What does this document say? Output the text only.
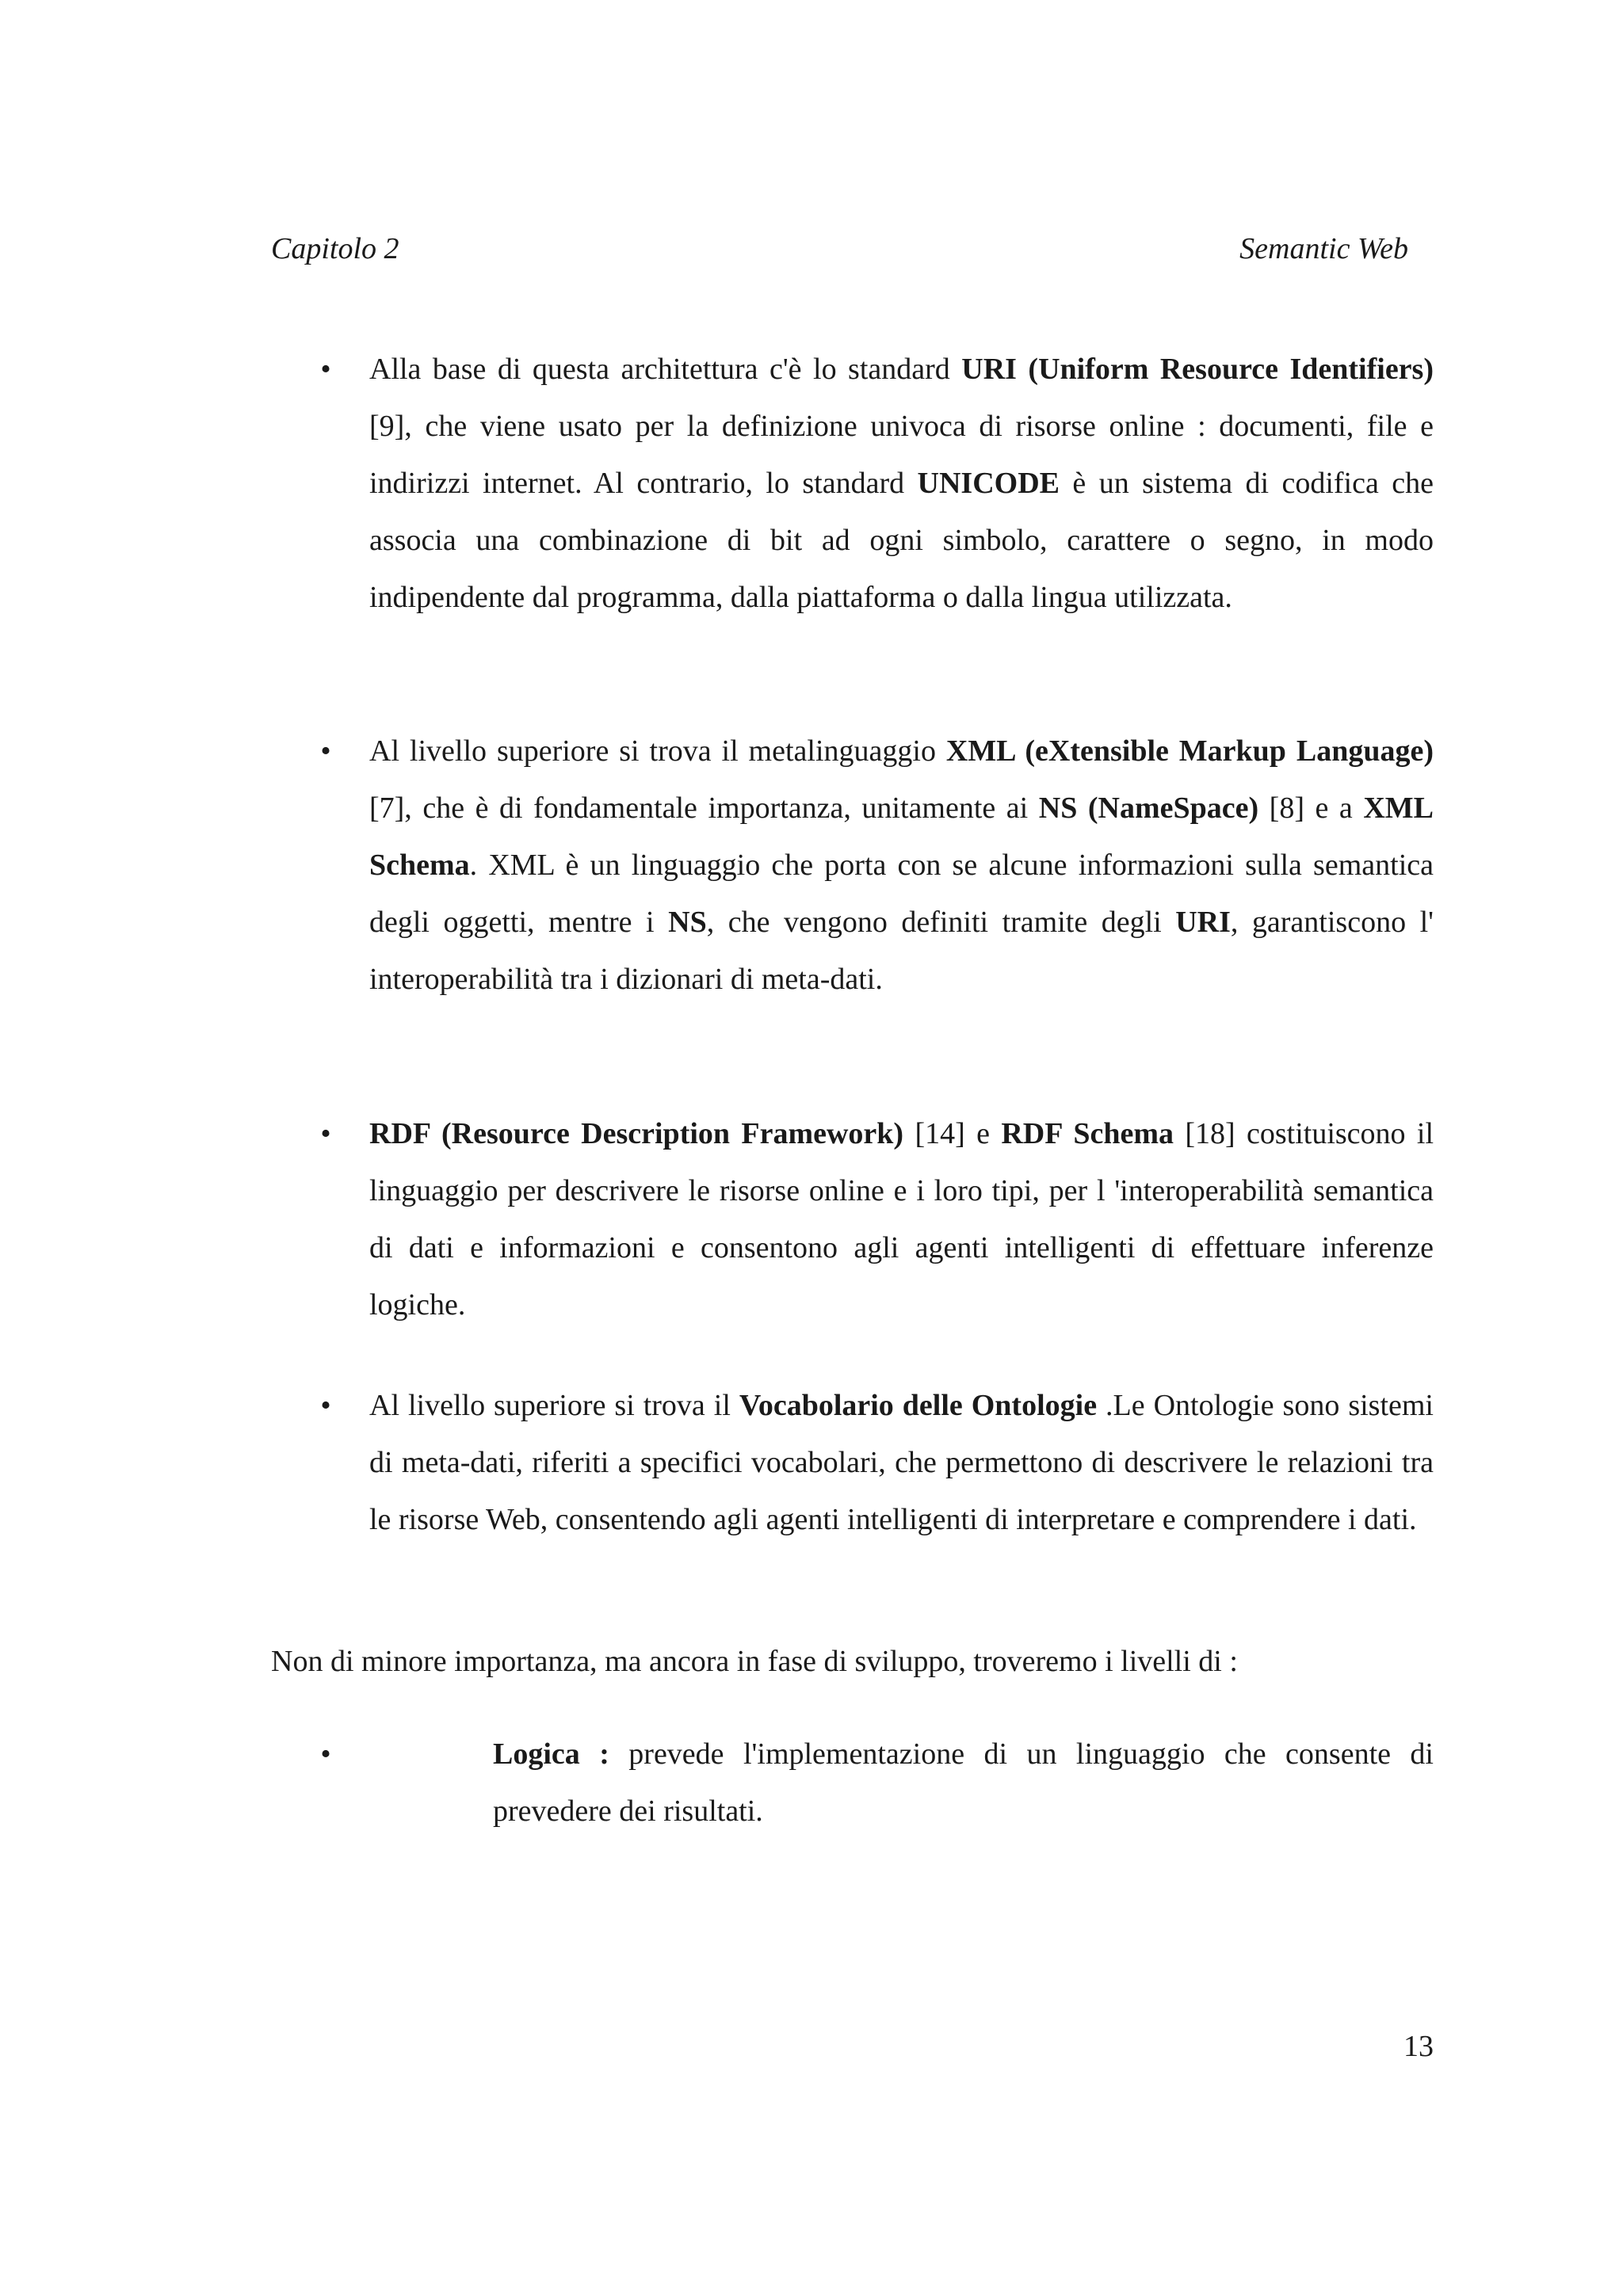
Capitolo 2	Semantic Web
• Alla base di questa architettura c'è lo standard URI (Uniform Resource Identifiers) [9], che viene usato per la definizione univoca di risorse online : documenti, file e indirizzi internet. Al contrario, lo standard UNICODE è un sistema di codifica che associa una combinazione di bit ad ogni simbolo, carattere o segno, in modo indipendente dal programma, dalla piattaforma o dalla lingua utilizzata.

• Al livello superiore si trova il metalinguaggio XML (eXtensible Markup Language) [7], che è di fondamentale importanza, unitamente ai NS (NameSpace) [8] e a XML Schema. XML è un linguaggio che porta con se alcune informazioni sulla semantica degli oggetti, mentre i NS, che vengono definiti tramite degli URI, garantiscono l' interoperabilità tra i dizionari di meta-dati.

• RDF (Resource Description Framework) [14] e RDF Schema [18] costituiscono il linguaggio per descrivere le risorse online e i loro tipi, per l 'interoperabilità semantica di dati e informazioni e consentono agli agenti intelligenti di effettuare inferenze logiche.

• Al livello superiore si trova il Vocabolario delle Ontologie .Le Ontologie sono sistemi di meta-dati, riferiti a specifici vocabolari, che permettono di descrivere le relazioni tra le risorse Web, consentendo agli agenti intelligenti di interpretare e comprendere i dati.

Non di minore importanza, ma ancora in fase di sviluppo, troveremo i livelli di :

•	Logica : prevede l'implementazione di un linguaggio che consente di prevedere dei risultati.

13
